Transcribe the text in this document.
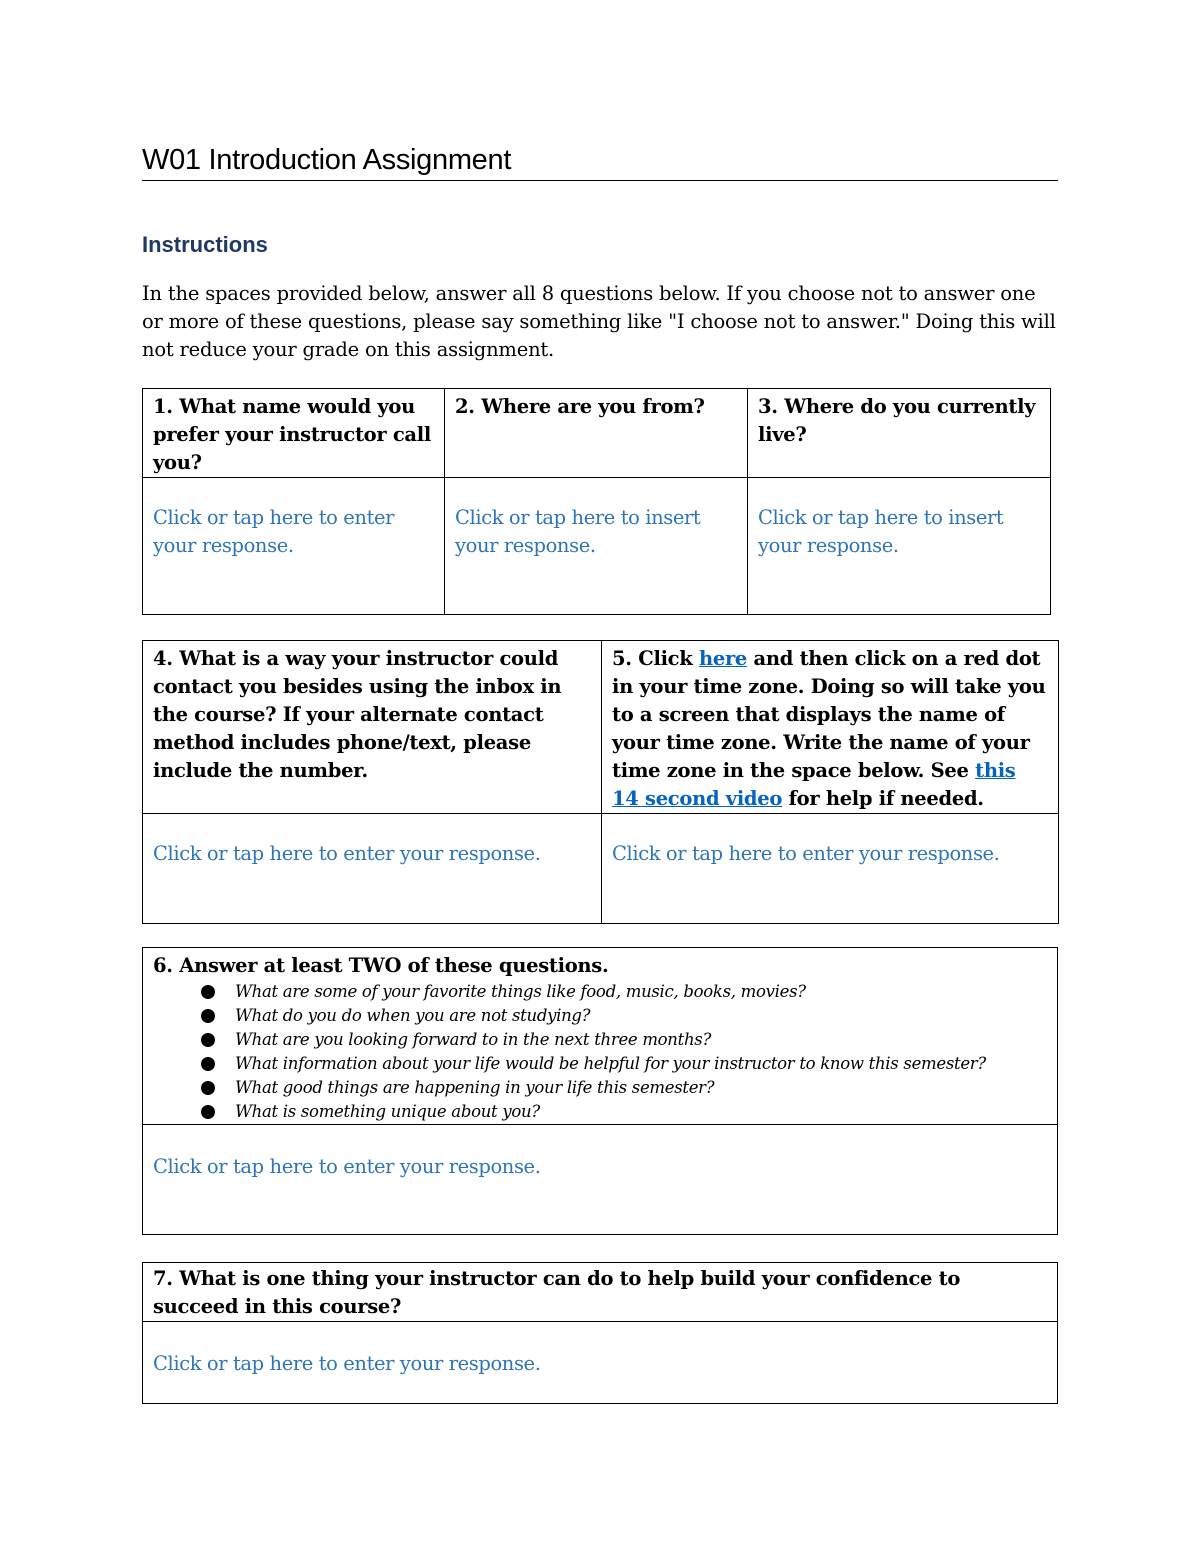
W01 Introduction Assignment
Instructions
In the spaces provided below, answer all 8 questions below. If you choose not to answer one or more of these questions, please say something like "I choose not to answer." Doing this will not reduce your grade on this assignment.
1. What name would you prefer your instructor call you?	2. Where are you from?	3. Where do you currently live?

Click or tap here to enter your response.	Click or tap here to insert your response.	Click or tap here to insert your response.
4. What is a way your instructor could contact you besides using the inbox in the course? If your alternate contact method includes phone/text, please include the number.	5. Click here and then click on a red dot in your time zone. Doing so will take you to a screen that displays the name of your time zone. Write the name of your time zone in the space below. See this 14 second video for help if needed.

Click or tap here to enter your response.	Click or tap here to enter your response.
6. Answer at least TWO of these questions.
What are some of your favorite things like food, music, books, movies?
What do you do when you are not studying?
What are you looking forward to in the next three months?
What information about your life would be helpful for your instructor to know this semester?
What good things are happening in your life this semester?
What is something unique about you?

Click or tap here to enter your response.
7. What is one thing your instructor can do to help build your confidence to succeed in this course?

Click or tap here to enter your response.
